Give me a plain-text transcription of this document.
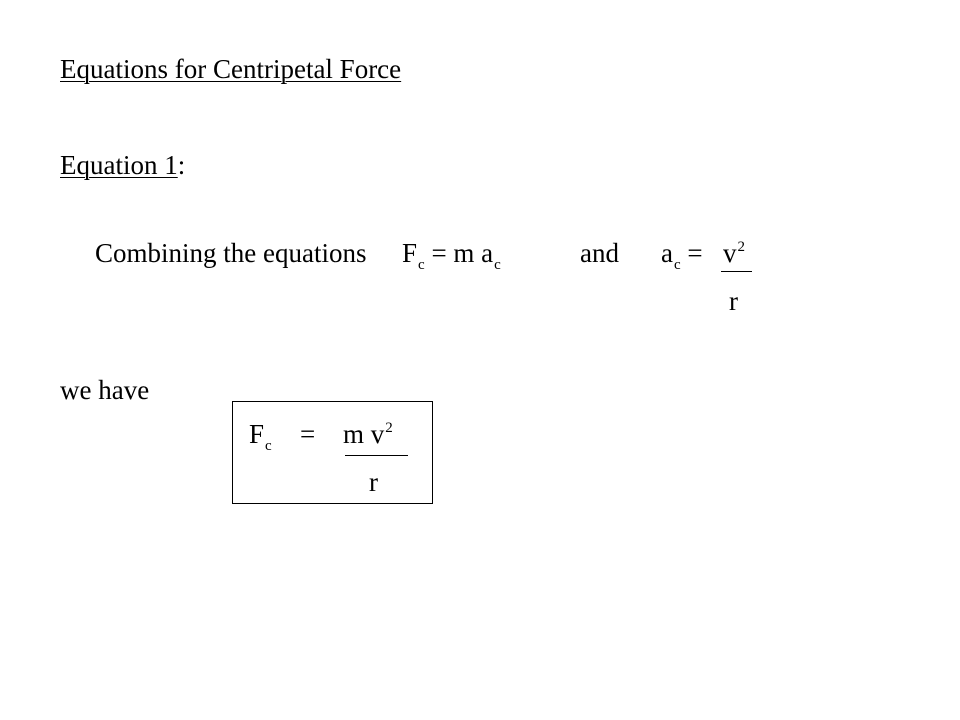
Equations for Centripetal Force
Equation 1:
Combining the equations $F_c = m$ $a_c$	and $a_c = v^2$
r
we have
$F_c = m$ $v^2$
r
